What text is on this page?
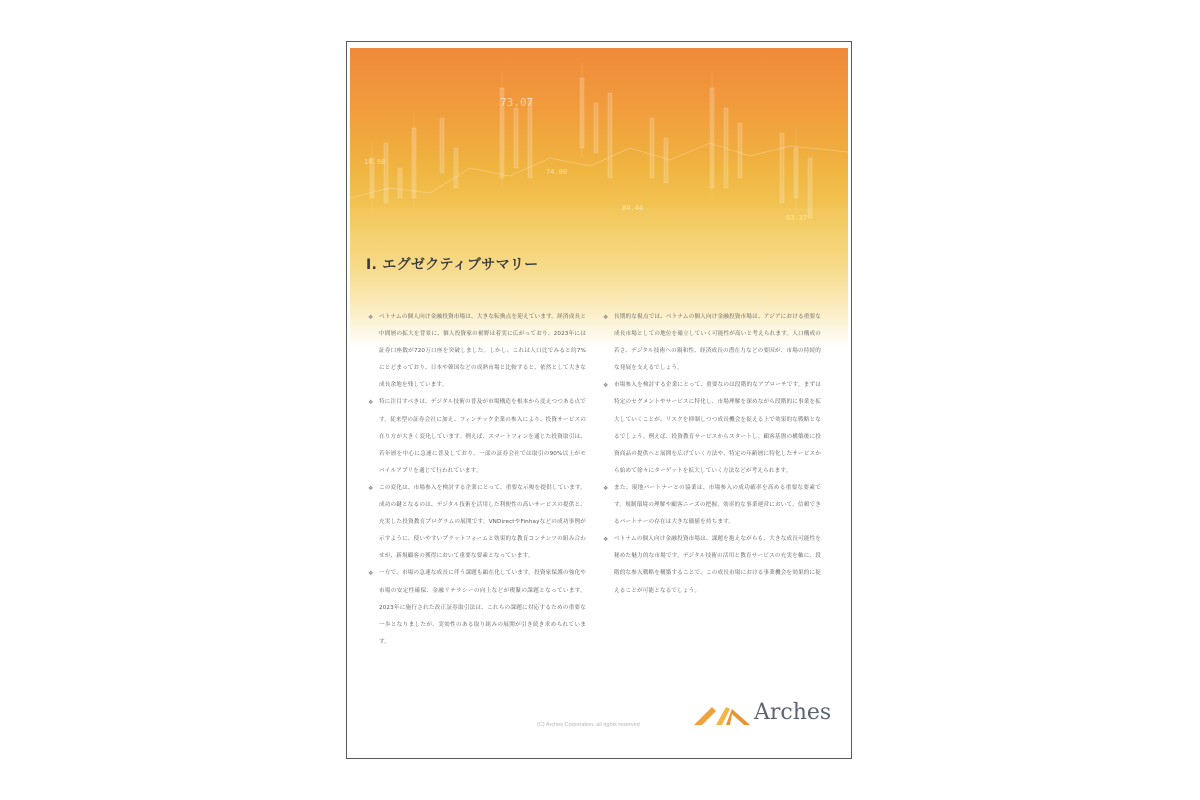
73.07
74.00
84.44
63.37
10.98
I. エグゼクティブサマリー
❖ ベトナムの個人向け金融投資市場は、大きな転換点を迎えています。経済成長と中間層の拡大を背景に、個人投資家の裾野は着実に広がっており、2023年には証券口座数が720万口座を突破しました。しかし、これは人口比でみると約7%にとどまっており、日本や韓国などの成熟市場と比較すると、依然として大きな成長余地を残しています。
❖ 特に注目すべきは、デジタル技術の普及が市場構造を根本から変えつつある点です。従来型の証券会社に加え、フィンテック企業の参入により、投資サービスの在り方が大きく変化しています。例えば、スマートフォンを通じた投資取引は、若年層を中心に急速に普及しており、一部の証券会社では取引の90%以上がモバイルアプリを通じて行われています。
❖ この変化は、市場参入を検討する企業にとって、重要な示唆を提供しています。成功の鍵となるのは、デジタル技術を活用した利便性の高いサービスの提供と、充実した投資教育プログラムの展開です。VNDirectやFinhayなどの成功事例が示すように、使いやすいプラットフォームと効果的な教育コンテンツの組み合わせが、新規顧客の獲得において重要な要素となっています。
❖ 一方で、市場の急速な成長に伴う課題も顕在化しています。投資家保護の強化や市場の安定性確保、金融リテラシーの向上などが喫緊の課題となっています。2023年に施行された改正証券取引法は、これらの課題に対応するための重要な一歩となりましたが、実効性のある取り組みの展開が引き続き求められています。
❖ 長期的な視点では、ベトナムの個人向け金融投資市場は、アジアにおける重要な成長市場としての地位を確立していく可能性が高いと考えられます。人口構成の若さ、デジタル技術への親和性、経済成長の潜在力などの要因が、市場の持続的な発展を支えるでしょう。
❖ 市場参入を検討する企業にとって、重要なのは段階的なアプローチです。まずは特定のセグメントやサービスに特化し、市場理解を深めながら段階的に事業を拡大していくことが、リスクを抑制しつつ成長機会を捉える上で効果的な戦略となるでしょう。例えば、投資教育サービスからスタートし、顧客基盤の構築後に投資商品の提供へと展開を広げていく方法や、特定の年齢層に特化したサービスから始めて徐々にターゲットを拡大していく方法などが考えられます。
❖ また、現地パートナーとの協業は、市場参入の成功確率を高める重要な要素です。規制環境の理解や顧客ニーズの把握、効率的な事業運営において、信頼できるパートナーの存在は大きな価値を持ちます。
❖ ベトナムの個人向け金融投資市場は、課題を抱えながらも、大きな成長可能性を秘めた魅力的な市場です。デジタル技術の活用と教育サービスの充実を軸に、段階的な参入戦略を構築することで、この成長市場における事業機会を効果的に捉えることが可能となるでしょう。
(C) Arches Corporation. all rights reserved	Arches
